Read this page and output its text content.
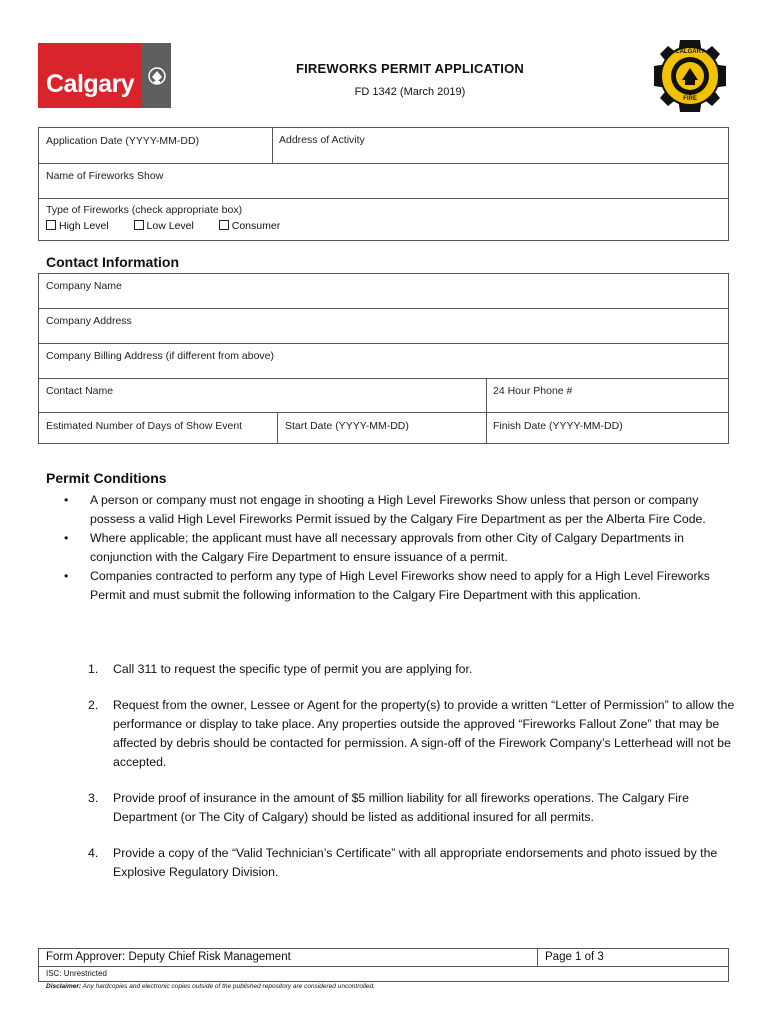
Calgary
FIREWORKS PERMIT APPLICATION
FD 1342 (March 2019)
CALGARY
FIRE
Application Date (YYYY-MM-DD)	Address of Activity
Name of Fireworks Show
Type of Fireworks (check appropriate box)
High Level	Low Level	Consumer
Contact Information
Company Name
Company Address
Company Billing Address (if different from above)
Contact Name	24 Hour Phone #
Estimated Number of Days of Show Event	Start Date (YYYY-MM-DD)	Finish Date (YYYY-MM-DD)
Permit Conditions
• A person or company must not engage in shooting a High Level Fireworks Show unless that person or company possess a valid High Level Fireworks Permit issued by the Calgary Fire Department as per the Alberta Fire Code.
• Where applicable; the applicant must have all necessary approvals from other City of Calgary Departments in conjunction with the Calgary Fire Department to ensure issuance of a permit.
• Companies contracted to perform any type of High Level Fireworks show need to apply for a High Level Fireworks Permit and must submit the following information to the Calgary Fire Department with this application.
1. Call 311 to request the specific type of permit you are applying for.
2. Request from the owner, Lessee or Agent for the property(s) to provide a written “Letter of Permission” to allow the performance or display to take place. Any properties outside the approved “Fireworks Fallout Zone” that may be affected by debris should be contacted for permission. A sign-off of the Firework Company’s Letterhead will not be accepted.
3. Provide proof of insurance in the amount of $5 million liability for all fireworks operations. The Calgary Fire Department (or The City of Calgary) should be listed as additional insured for all permits.
4. Provide a copy of the “Valid Technician’s Certificate” with all appropriate endorsements and photo issued by the Explosive Regulatory Division.
Form Approver: Deputy Chief Risk Management	Page 1 of 3
ISC: Unrestricted
Disclaimer: Any hardcopies and electronic copies outside of the published repository are considered uncontrolled.
